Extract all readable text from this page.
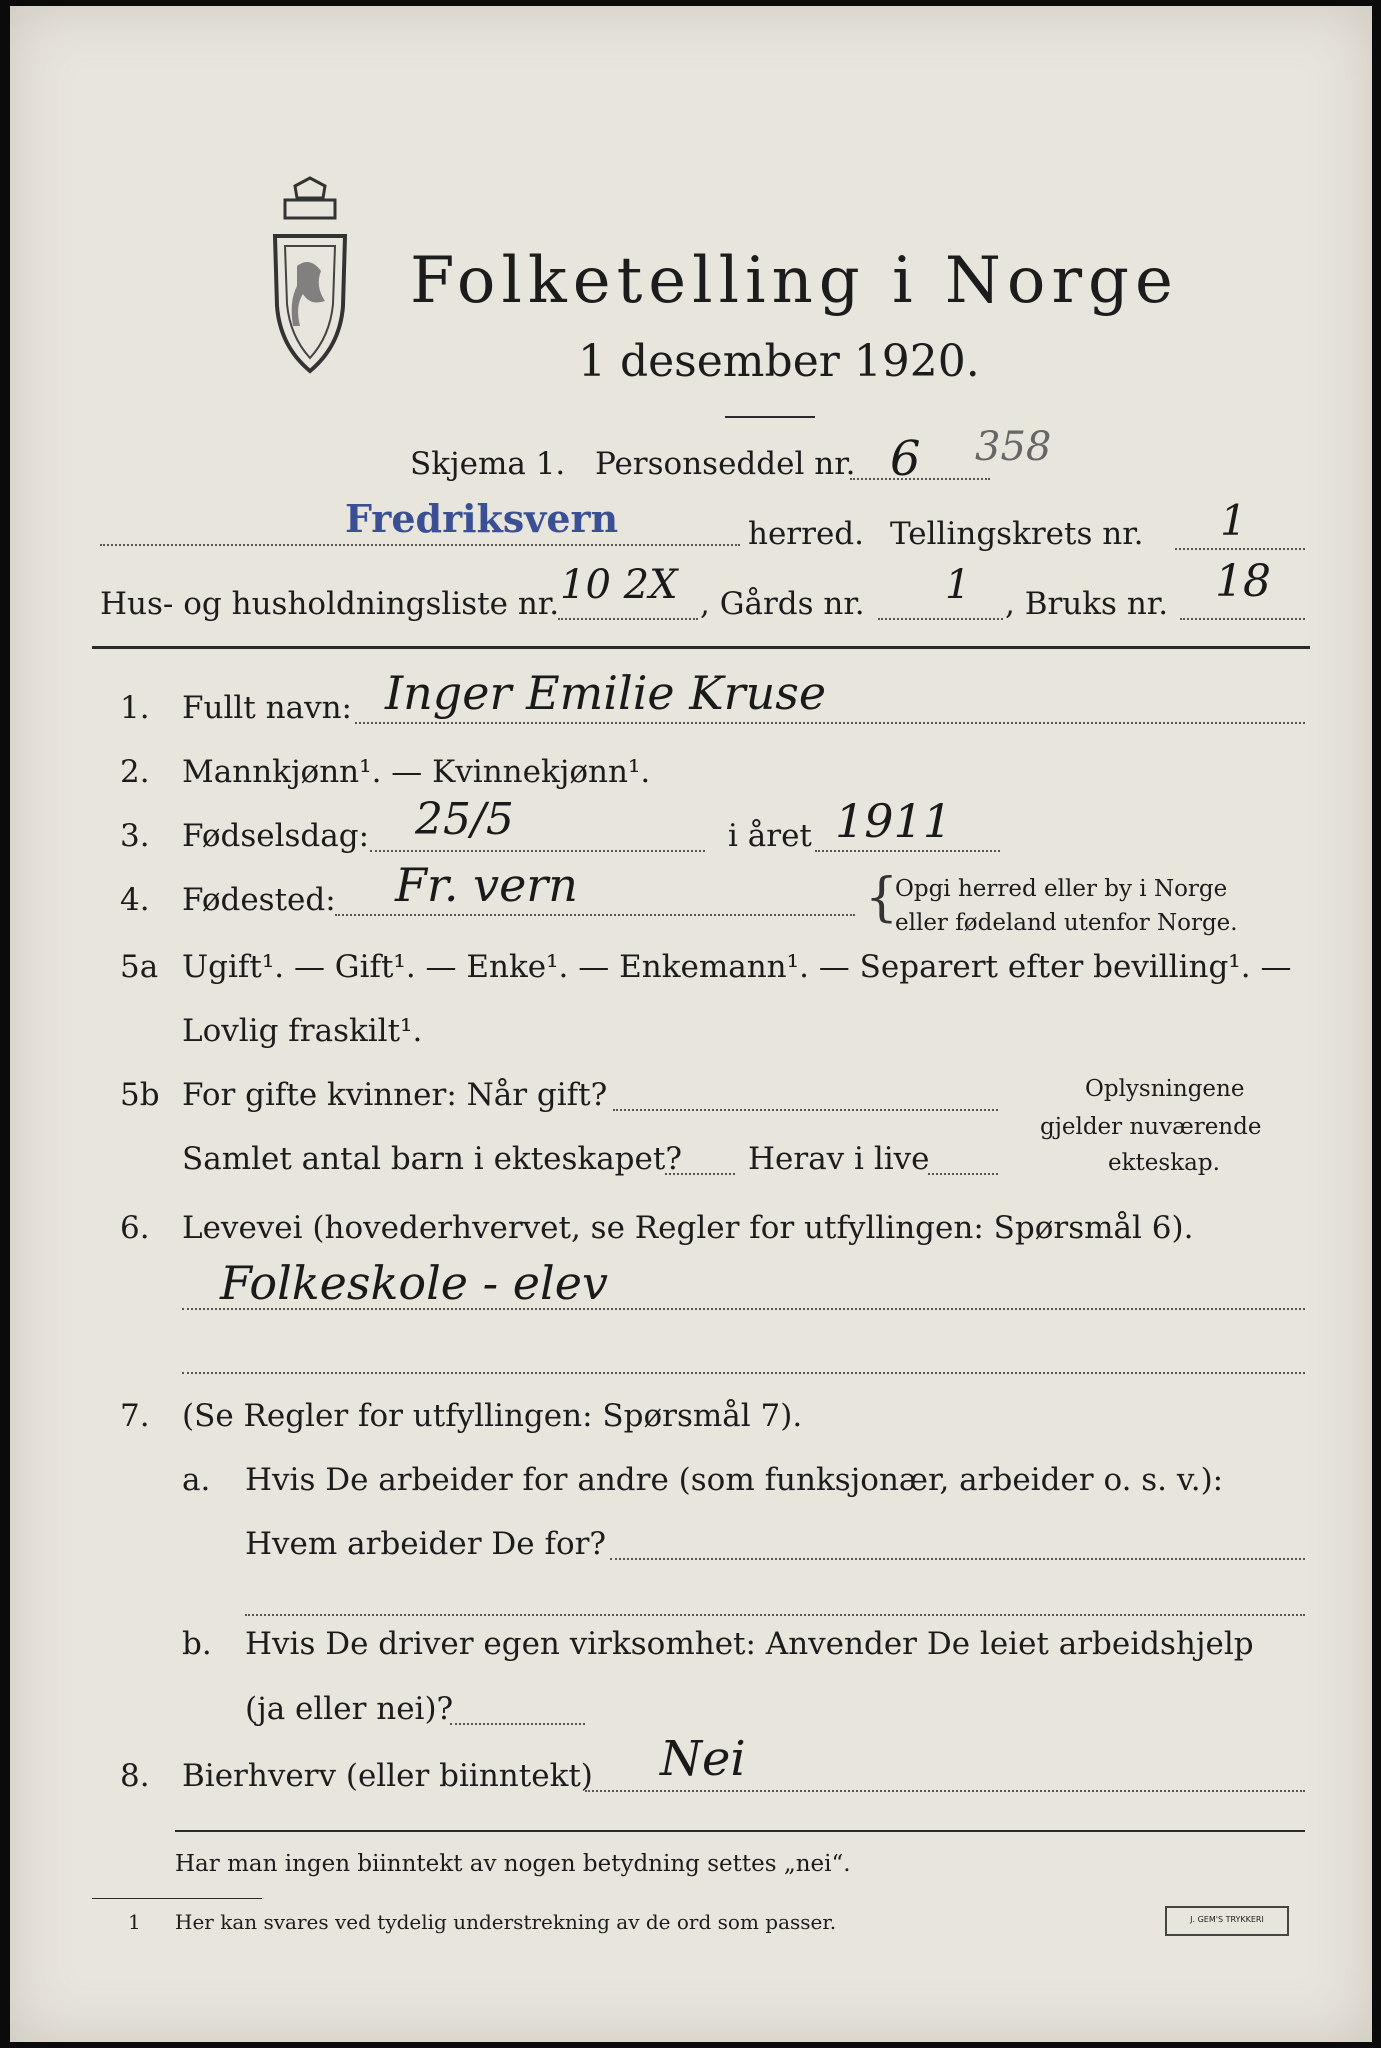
Folketelling i Norge
1 desember 1920.
Skjema 1. Personseddel nr. 6 358
Fredriksvern	herred. Tellingskrets nr. 1
Hus- og husholdningsliste nr. 10 2X , Gårds nr. 1 , Bruks nr. 18
1. Fullt navn: Inger Emilie Kruse
2. Mannkjønn¹. — Kvinnekjønn¹.
3. Fødselsdag: 25/5	i året 1911
4. Fødested: Fr. vern	{
Opgi herred eller by i Norge
eller fødeland utenfor Norge.
5a Ugift¹. — Gift¹. — Enke¹. — Enkemann¹. — Separert efter bevilling¹. —
Lovlig fraskilt¹.
5b For gifte kvinner: Når gift?
Samlet antal barn i ekteskapet? Herav i live
Oplysningene
gjelder nuværende
ekteskap.
6. Levevei (hovederhvervet, se Regler for utfyllingen: Spørsmål 6).
Folkeskole - elev
7. (Se Regler for utfyllingen: Spørsmål 7).
a. Hvis De arbeider for andre (som funksjonær, arbeider o. s. v.):
Hvem arbeider De for?
b. Hvis De driver egen virksomhet: Anvender De leiet arbeidshjelp
(ja eller nei)?
8. Bierhverv (eller biinntekt) Nei
Har man ingen biinntekt av nogen betydning settes „nei“.
1 Her kan svares ved tydelig understrekning av de ord som passer.	J. GEM'S TRYKKERI
